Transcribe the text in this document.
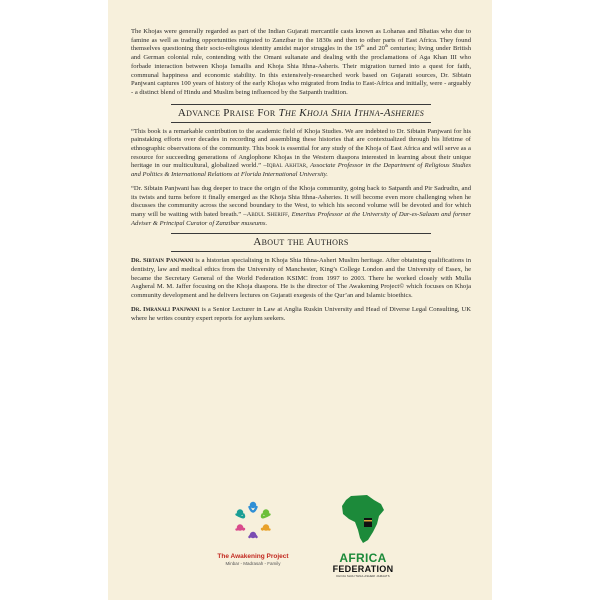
The Khojas were generally regarded as part of the Indian Gujarati mercantile casts known as Lohanas and Bhatias who due to famine as well as trading opportunities migrated to Zanzibar in the 1830s and then to other parts of East Africa. They found themselves questioning their socio-religious identity amidst major struggles in the 19th and 20th centuries; living under British and German colonial rule, contending with the Omani sultanate and dealing with the proclamations of Aga Khan III who forbade interaction between Khoja Ismailis and Khoja Shia Ithna-Asheris. Their migration turned into a quest for faith, communal happiness and economic stability. In this extensively-researched work based on Gujarati sources, Dr. Sibtain Panjwani captures 100 years of history of the early Khojas who migrated from India to East-Africa and initially, were - arguably - a distinct blend of Hindu and Muslim being influenced by the Satpanth tradition.

Advance Praise For The Khoja Shia Ithna-Asheries

“This book is a remarkable contribution to the academic field of Khoja Studies. We are indebted to Dr. Sibtain Panjwani for his painstaking efforts over decades in recording and assembling these histories that are contextualized through his lifetime of ethnographic observations of the community. This book is essential for any study of the Khoja of East Africa and will serve as a resource for succeeding generations of Anglophone Khojas in the Western diaspora interested in learning about their unique heritage in our multicultural, globalized world.” –Iqbal Akhtar, Associate Professor in the Department of Religious Studies and Politics & International Relations at Florida International University.

“Dr. Sibtain Panjwani has dug deeper to trace the origin of the Khoja community, going back to Satpanth and Pir Sadrudin, and its twists and turns before it finally emerged as the Khoja Shia Ithna-Asheries. It will become even more challenging when he discusses the community across the second boundary to the West, to which his second volume will be devoted and for which many will be waiting with bated breath.” –Abdul Sheriff, Emeritus Professor at the University of Dar-es-Salaam and former Adviser & Principal Curator of Zanzibar museums.

About the Authors

Dr. Sibtain Panjwani is a historian specialising in Khoja Shia Ithna-Asheri Muslim heritage. After obtaining qualifications in dentistry, law and medical ethics from the University of Manchester, King’s College London and the University of Essex, he became the Secretary General of the World Federation KSIMC from 1997 to 2003. There he worked closely with Mulla Asgheral M. M. Jaffer focusing on the Khoja diaspora. He is the director of The Awakening Project© which focuses on Khoja community development and he delivers lectures on Gujarati exegesis of the Qur’an and Islamic bioethics.

Dr. Imranali Panjwani is a Senior Lecturer in Law at Anglia Ruskin University and Head of Diverse Legal Consulting, UK where he writes country expert reports for asylum seekers.

The Awakening Project
Minbar - Madrasah - Family	AFRICA
FEDERATION
KHOJA SHIA ITHNA-ASHERI JAMAATS
